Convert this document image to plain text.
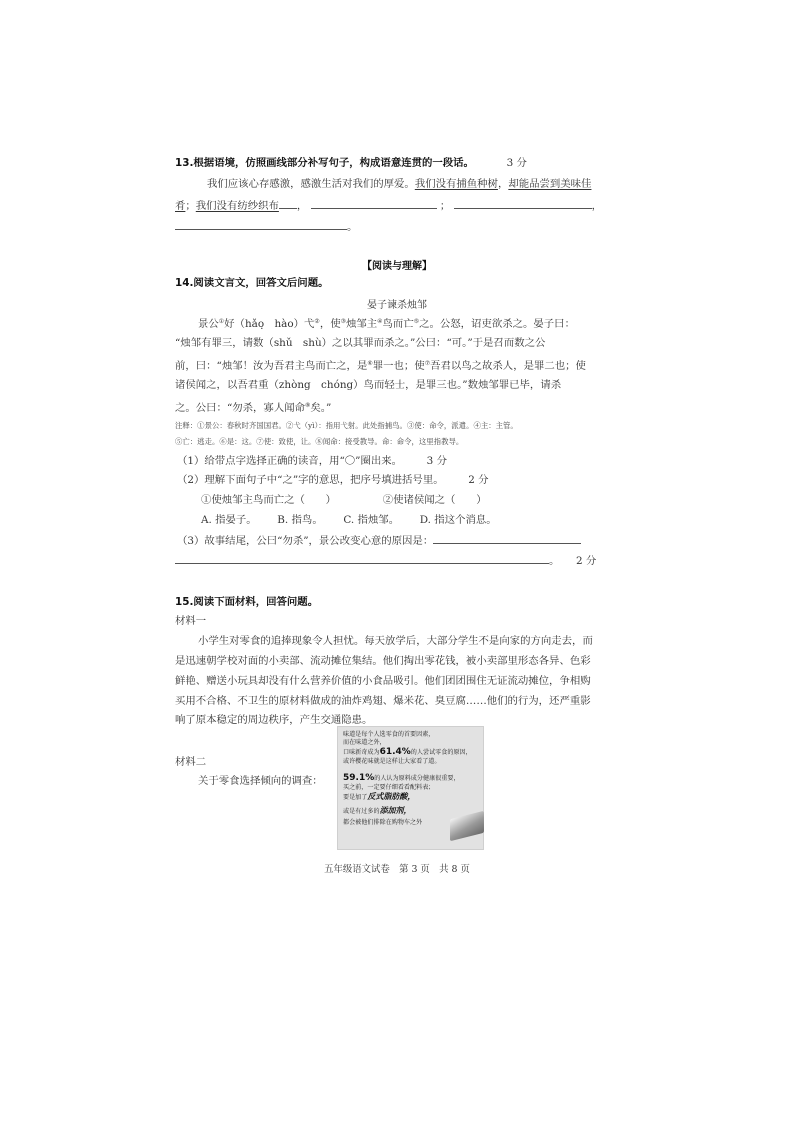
13.根据语境，仿照画线部分补写句子，构成语意连贯的一段话。	3 分
我们应该心存感激，感激生活对我们的厚爱。我们没有捕鱼种树，却能品尝到美味佳
肴；我们没有纺纱织布 ，	；	，
。
【阅读与理解】
14.阅读文言文，回答文后问题。
晏子谏杀烛邹
景公①好（hǎo　hào）弋 ·②，使③烛邹主④鸟而亡⑤之。公怒，诏吏欲杀之。晏子曰：
“烛邹有罪三，请数（shǔ　shù）之以其罪而杀之。”公曰：“可。”于是召而数之公
前，曰：“烛邹！汝为吾君主鸟而亡之，是⑥罪一也；使⑦吾君以鸟之故杀人，是罪二也；使
诸侯闻之，以吾君重（zhòng　chóng）鸟而轻士，是罪三也。”数烛邹罪已毕，请杀
之。公曰：“勿杀，寡人闻命⑧矣。”
注释：①景公：春秋时齐国国君。②弋（yì）：指用弋射。此处指捕鸟。③使：命令，派遣。④主：主管。
⑤亡：逃走。⑥是：这。⑦使：致使，让。⑧闻命：接受教导。命：命令，这里指教导。
（1）给带点字选择正确的读音，用“〇”圈出来。 3 分
（2）理解下面句子中“之”字的意思，把序号填进括号里。 2 分
①使烛邹主鸟而亡之（　　）	②使诸侯闻之（　　）
A. 指晏子。 B. 指鸟。 C. 指烛邹。 D. 指这个消息。
（3）故事结尾，公曰“勿杀”，景公改变心意的原因是：
。 2 分
15.阅读下面材料，回答问题。
材料一
小学生对零食的追捧现象令人担忧。每天放学后，大部分学生不是向家的方向走去，而
是迅速朝学校对面的小卖部、流动摊位集结。他们掏出零花钱，被小卖部里形态各异、色彩
鲜艳、赠送小玩具却没有什么营养价值的小食品吸引。他们团团围住无证流动摊位，争相购
买用不合格、不卫生的原材料做成的油炸鸡翅、爆米花、臭豆腐……他们的行为，还严重影
响了原本稳定的周边秩序，产生交通隐患。
材料二
关于零食选择倾向的调查：
味道是每个人选零食的首要因素，
而在味道之外，
口味新奇成为61.4%的人尝试零食的原因，
或许樱花味就是这样让大家看了道。
59.1%的人认为原料成分健康很重要，
买之前，一定要仔细看看配料表；
要是加了反式脂肪酸，
或是有过多的添加剂，
都会被他们排除在购物车之外
五年级语文试卷　第 3 页　共 8 页
